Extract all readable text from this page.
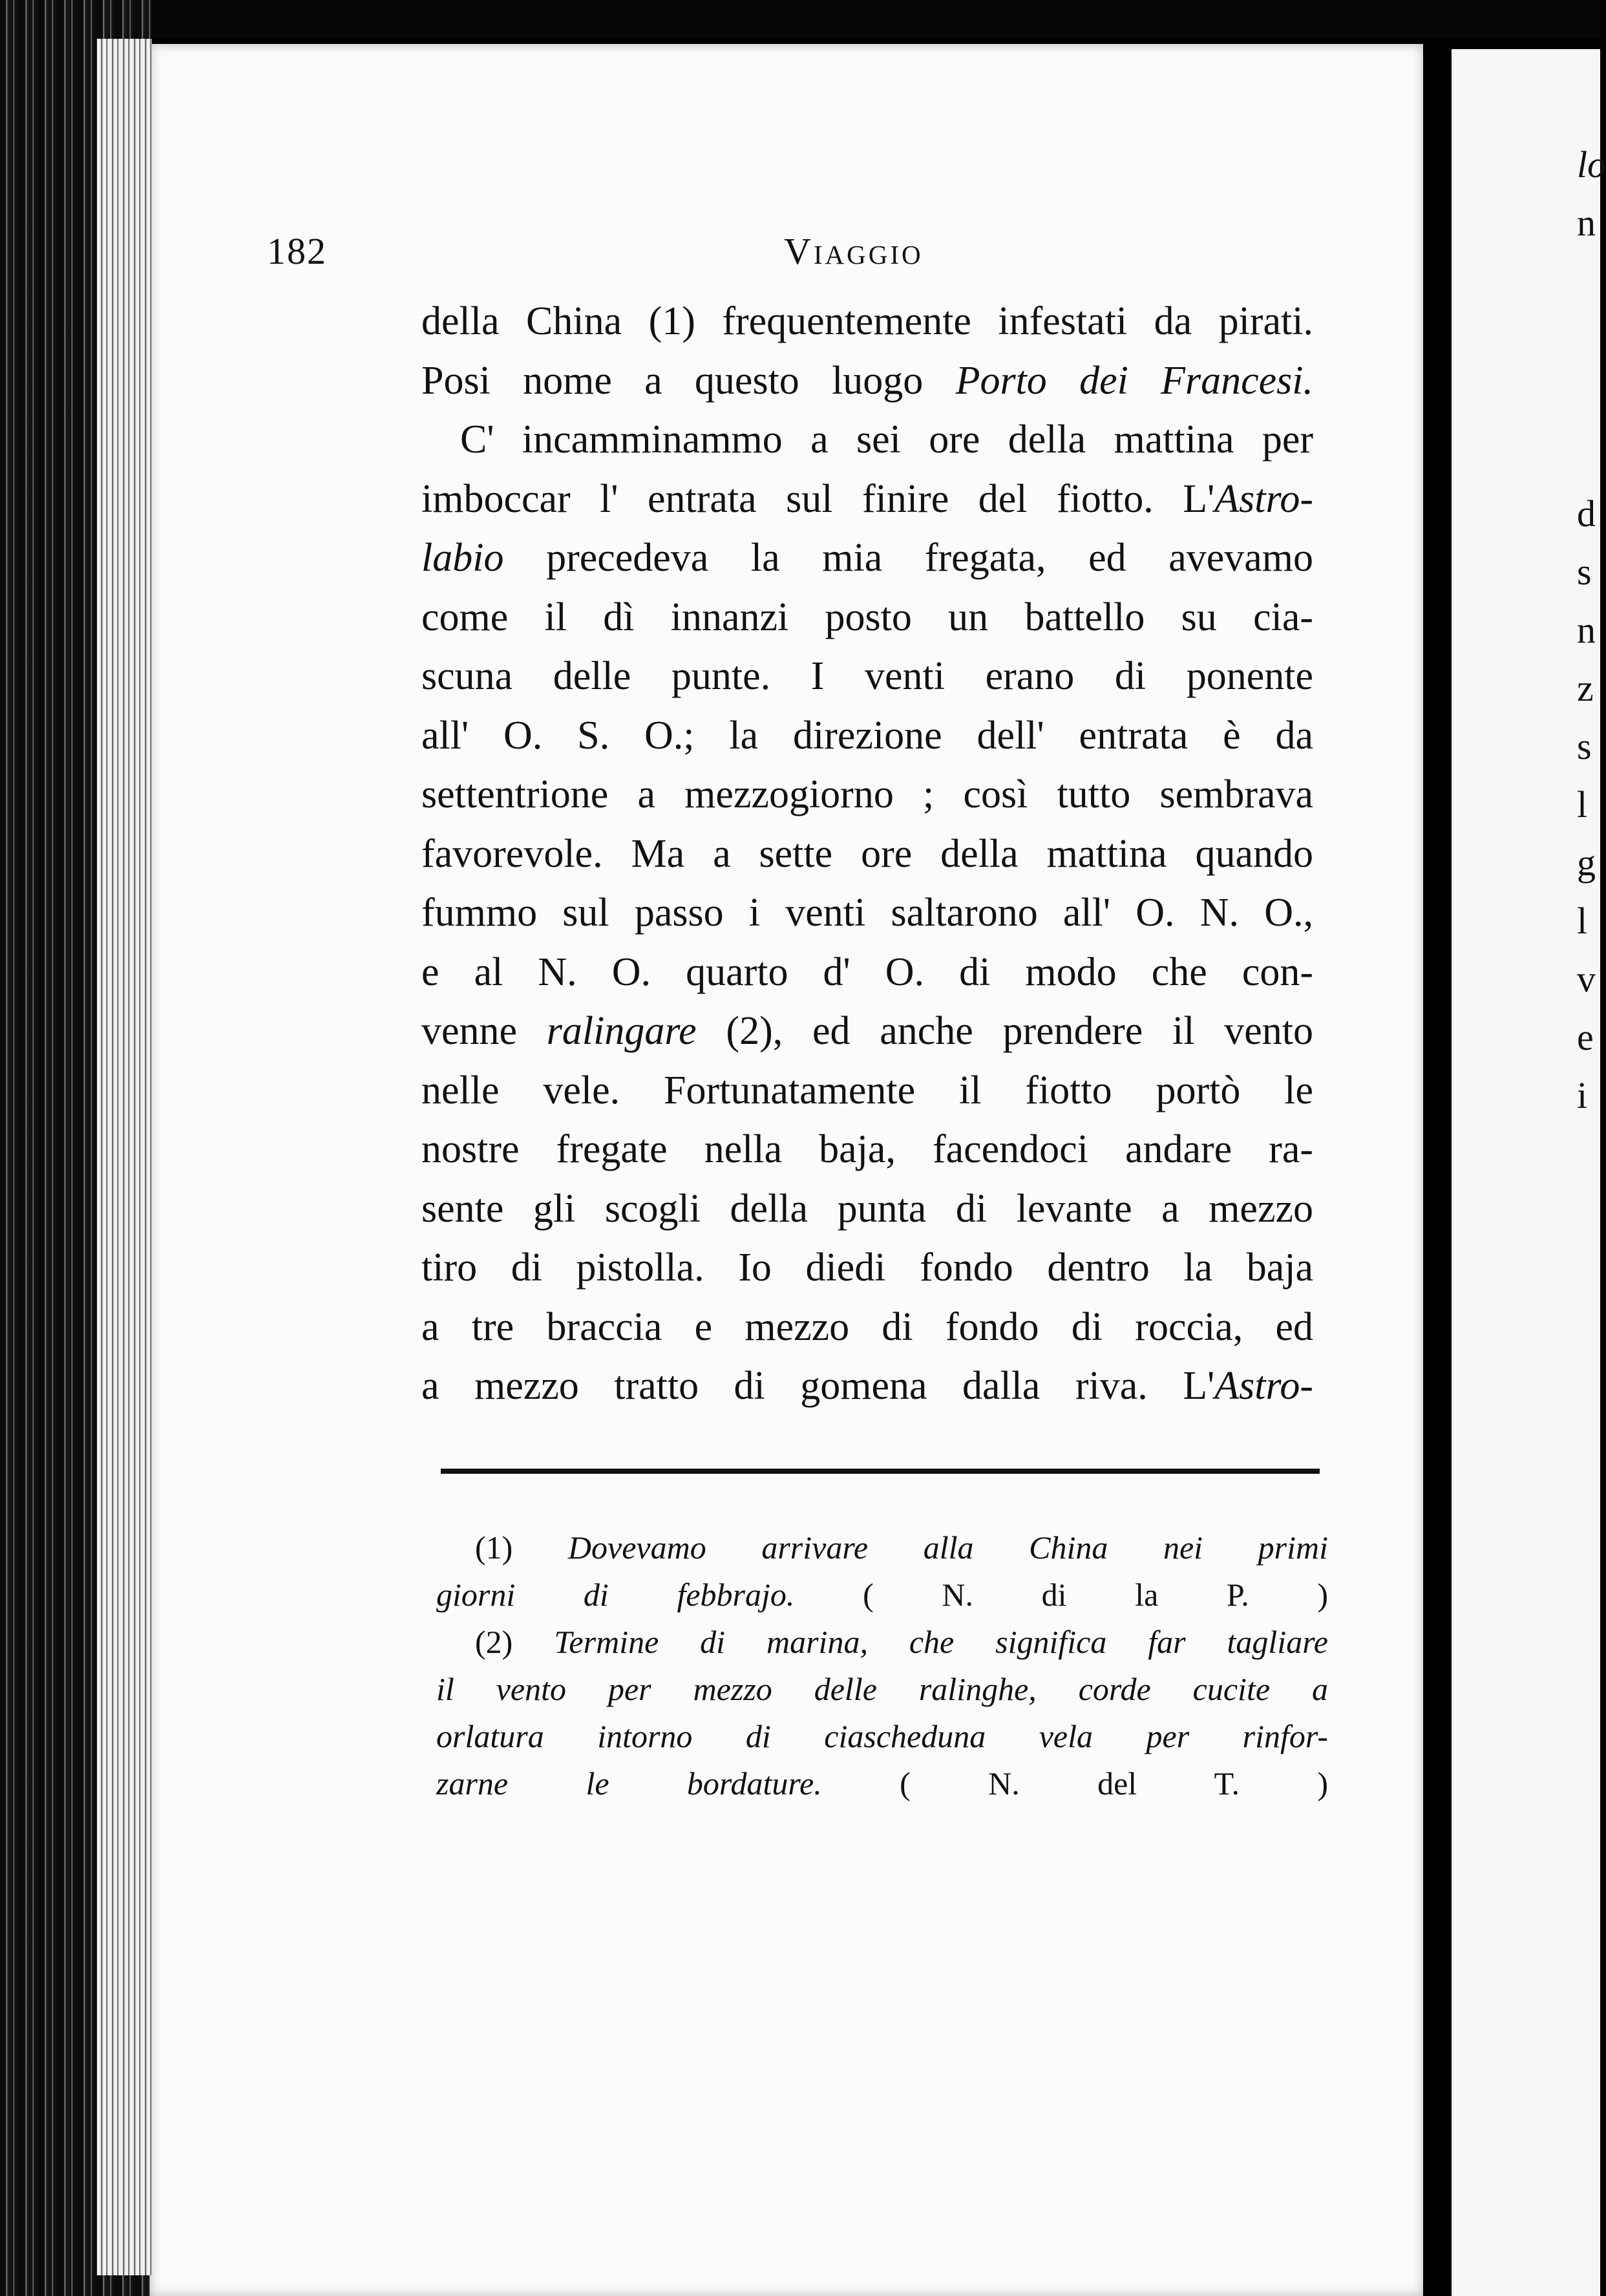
lo
n
d
s
n
z
s
l
g
l
v
e
i
182	Viaggio
della China (1) frequentemente infestati da pirati.
Posi nome a questo luogo Porto dei Francesi.
C' incamminammo a sei ore della mattina per
imboccar l' entrata sul finire del fiotto. L'Astro-
labio precedeva la mia fregata, ed avevamo
come il dì innanzi posto un battello su cia-
scuna delle punte. I venti erano di ponente
all' O. S. O.; la direzione dell' entrata è da
settentrione a mezzogiorno ; così tutto sembrava
favorevole. Ma a sette ore della mattina quando
fummo sul passo i venti saltarono all' O. N. O.,
e al N. O. quarto d' O. di modo che con-
venne ralingare (2), ed anche prendere il vento
nelle vele. Fortunatamente il fiotto portò le
nostre fregate nella baja, facendoci andare ra-
sente gli scogli della punta di levante a mezzo
tiro di pistolla. Io diedi fondo dentro la baja
a tre braccia e mezzo di fondo di roccia, ed
a mezzo tratto di gomena dalla riva. L'Astro-
(1) Dovevamo arrivare alla China nei primi
giorni di febbrajo. ( N. di la P. )
(2) Termine di marina, che significa far tagliare
il vento per mezzo delle ralinghe, corde cucite a
orlatura intorno di ciascheduna vela per rinfor-
zarne le bordature. ( N. del T. )
